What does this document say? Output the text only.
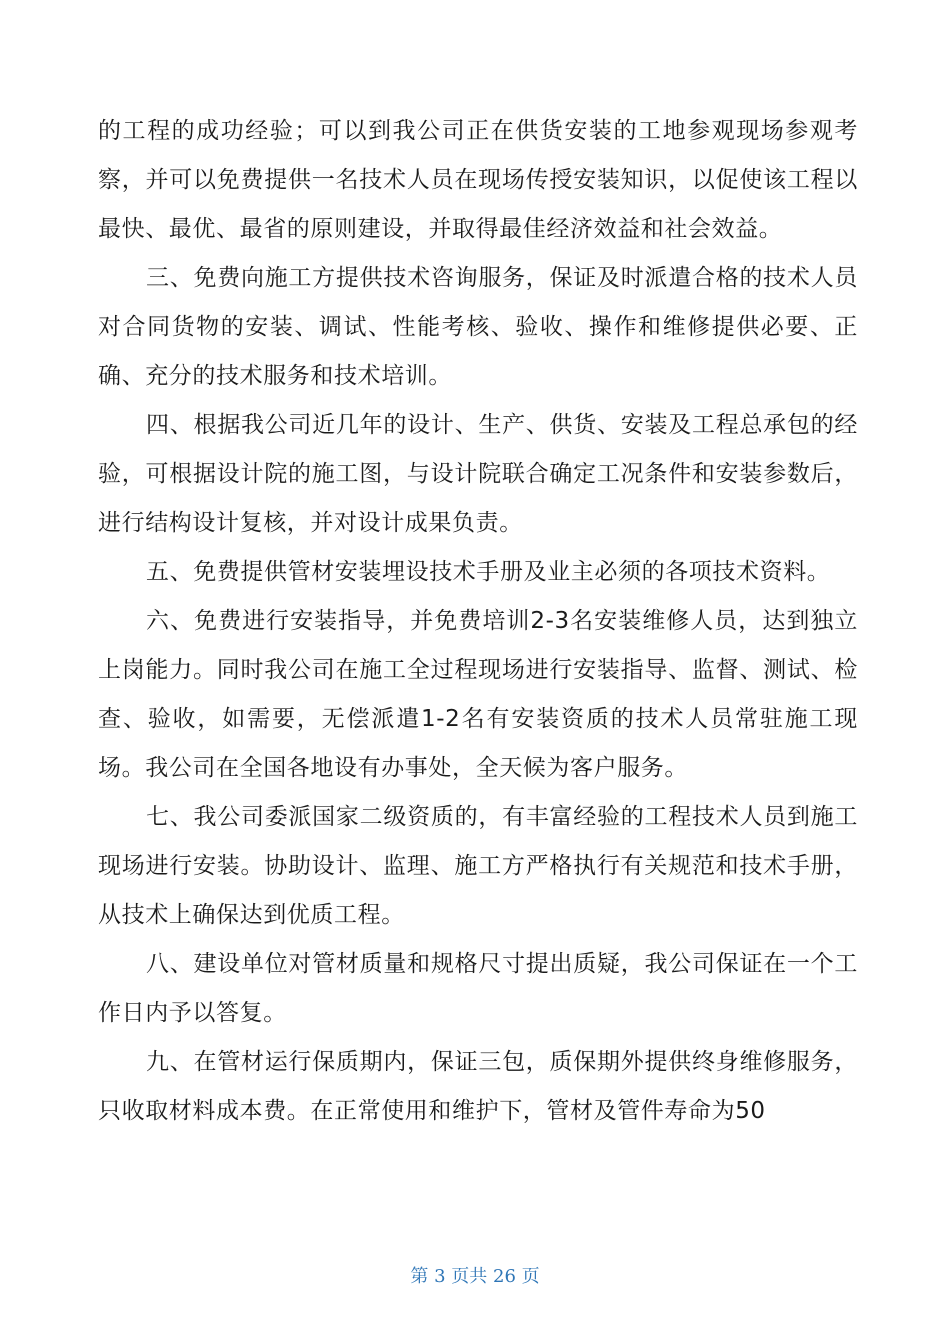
的工程的成功经验；可以到我公司正在供货安装的工地参观现场参观考察，并可以免费提供一名技术人员在现场传授安装知识，以促使该工程以最快、最优、最省的原则建设，并取得最佳经济效益和社会效益。

三、免费向施工方提供技术咨询服务，保证及时派遣合格的技术人员对合同货物的安装、调试、性能考核、验收、操作和维修提供必要、正确、充分的技术服务和技术培训。

四、根据我公司近几年的设计、生产、供货、安装及工程总承包的经验，可根据设计院的施工图，与设计院联合确定工况条件和安装参数后，进行结构设计复核，并对设计成果负责。

五、免费提供管材安装埋设技术手册及业主必须的各项技术资料。

六、免费进行安装指导，并免费培训2-3名安装维修人员，达到独立上岗能力。同时我公司在施工全过程现场进行安装指导、监督、测试、检查、验收，如需要，无偿派遣1-2名有安装资质的技术人员常驻施工现场。我公司在全国各地设有办事处，全天候为客户服务。

七、我公司委派国家二级资质的，有丰富经验的工程技术人员到施工现场进行安装。协助设计、监理、施工方严格执行有关规范和技术手册，从技术上确保达到优质工程。

八、建设单位对管材质量和规格尺寸提出质疑，我公司保证在一个工作日内予以答复。

九、在管材运行保质期内，保证三包，质保期外提供终身维修服务，只收取材料成本费。在正常使用和维护下，管材及管件寿命为50

第 3 页共 26 页
